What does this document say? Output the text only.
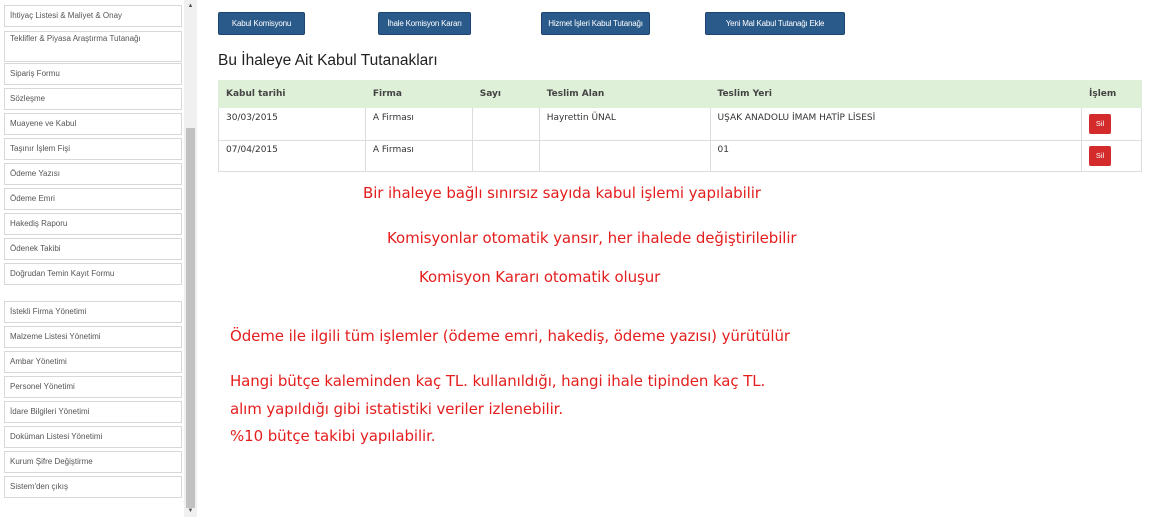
İhtiyaç Listesi & Maliyet & Onay
Teklifler & Piyasa Araştırma Tutanağı
Sipariş Formu
Sözleşme
Muayene ve Kabul
Taşınır İşlem Fişi
Ödeme Yazısı
Ödeme Emri
Hakediş Raporu
Ödenek Takibi
Doğrudan Temin Kayıt Formu
İstekli Firma Yönetimi
Malzeme Listesi Yönetimi
Ambar Yönetimi
Personel Yönetimi
İdare Bilgileri Yönetimi
Doküman Listesi Yönetimi
Kurum Şifre Değiştirme
Sistem'den çıkış
▲
▼
Kabul Komisyonu	İhale Komisyon Kararı	Hizmet İşleri Kabul Tutanağı	Yeni Mal Kabul Tutanağı Ekle
Bu İhaleye Ait Kabul Tutanakları
Kabul tarihi	Firma	Sayı	Teslim Alan	Teslim Yeri	İşlem
30/03/2015	A Firması		Hayrettin ÜNAL	UŞAK ANADOLU İMAM HATİP LİSESİ	Sil
07/04/2015	A Firması			01	Sil
Bir ihaleye bağlı sınırsız sayıda kabul işlemi yapılabilir
Komisyonlar otomatik yansır, her ihalede değiştirilebilir
Komisyon Kararı otomatik oluşur
Ödeme ile ilgili tüm işlemler (ödeme emri, hakediş, ödeme yazısı) yürütülür
Hangi bütçe kaleminden kaç TL. kullanıldığı, hangi ihale tipinden kaç TL.
alım yapıldığı gibi istatistiki veriler izlenebilir.
%10 bütçe takibi yapılabilir.
